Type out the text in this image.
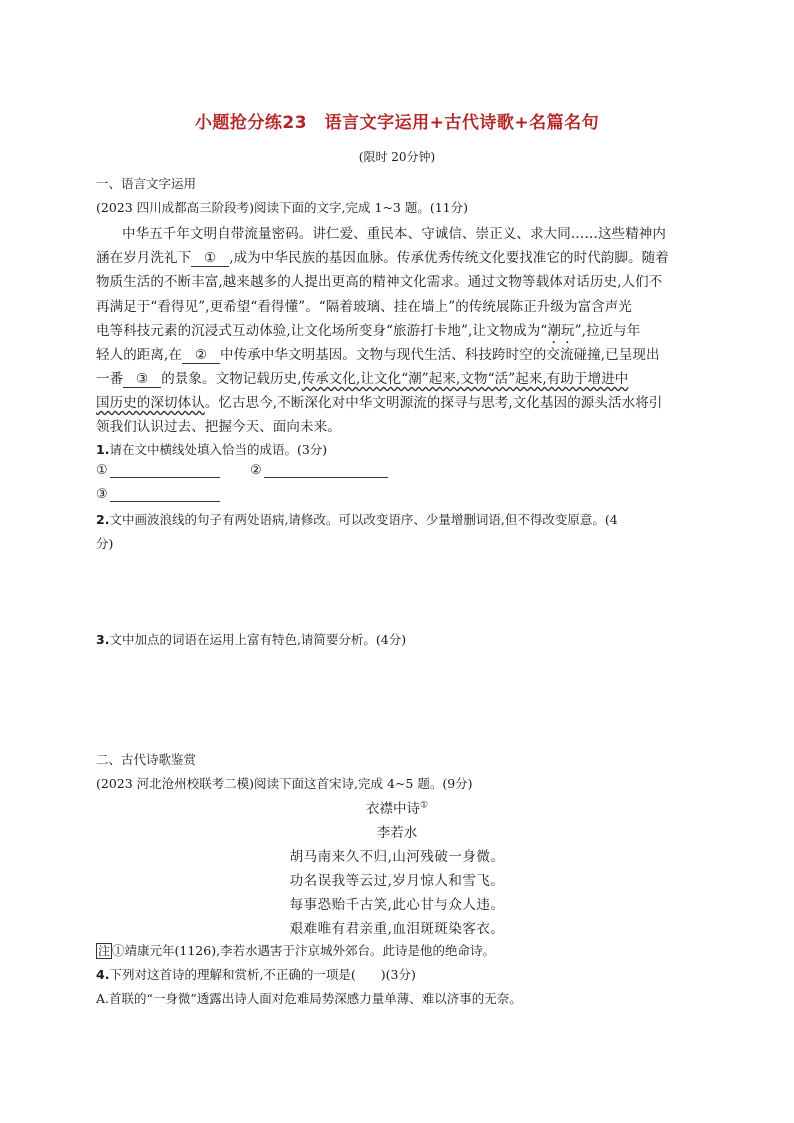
小题抢分练23　语言文字运用+古代诗歌+名篇名句
(限时 20分钟)
一、语言文字运用
(2023 四川成都高三阶段考)阅读下面的文字,完成 1~3 题。(11分)
中华五千年文明自带流量密码。讲仁爱、重民本、守诚信、崇正义、求大同……这些精神内
涵在岁月洗礼下 ① ,成为中华民族的基因血脉。传承优秀传统文化要找准它的时代韵脚。随着
物质生活的不断丰富,越来越多的人提出更高的精神文化需求。通过文物等载体对话历史,人们不
再满足于“看得见”,更希望“看得懂”。“隔着玻璃、挂在墙上”的传统展陈正升级为富含声光
电等科技元素的沉浸式互动体验,让文化场所变身“旅游打卡地”,让文物成为“潮玩”,拉近与年
轻人的距离,在 ② 中传承中华文明基因。文物与现代生活、科技跨时空的交流碰撞,已呈现出
一番 ③ 的景象。文物记载历史,传承文化,让文化“潮”起来,文物“活”起来,有助于增进中
国历史的深切体认。忆古思今,不断深化对中华文明源流的探寻与思考,文化基因的源头活水将引
领我们认识过去、把握今天、面向未来。
1.请在文中横线处填入恰当的成语。(3分)
①	②
③
2.文中画波浪线的句子有两处语病,请修改。可以改变语序、少量增删词语,但不得改变原意。(4
分)
3.文中加点的词语在运用上富有特色,请简要分析。(4分)
二、古代诗歌鉴赏
(2023 河北沧州校联考二模)阅读下面这首宋诗,完成 4~5 题。(9分)
衣襟中诗①
李若水
胡马南来久不归,山河残破一身微。
功名误我等云过,岁月惊人和雪飞。
每事恐贻千古笑,此心甘与众人违。
艰难唯有君亲重,血泪斑斑染客衣。
注 ①靖康元年(1126),李若水遇害于汴京城外郊台。此诗是他的绝命诗。
4.下列对这首诗的理解和赏析,不正确的一项是(　　)(3分)
A.首联的“一身微”透露出诗人面对危难局势深感力量单薄、难以济事的无奈。
